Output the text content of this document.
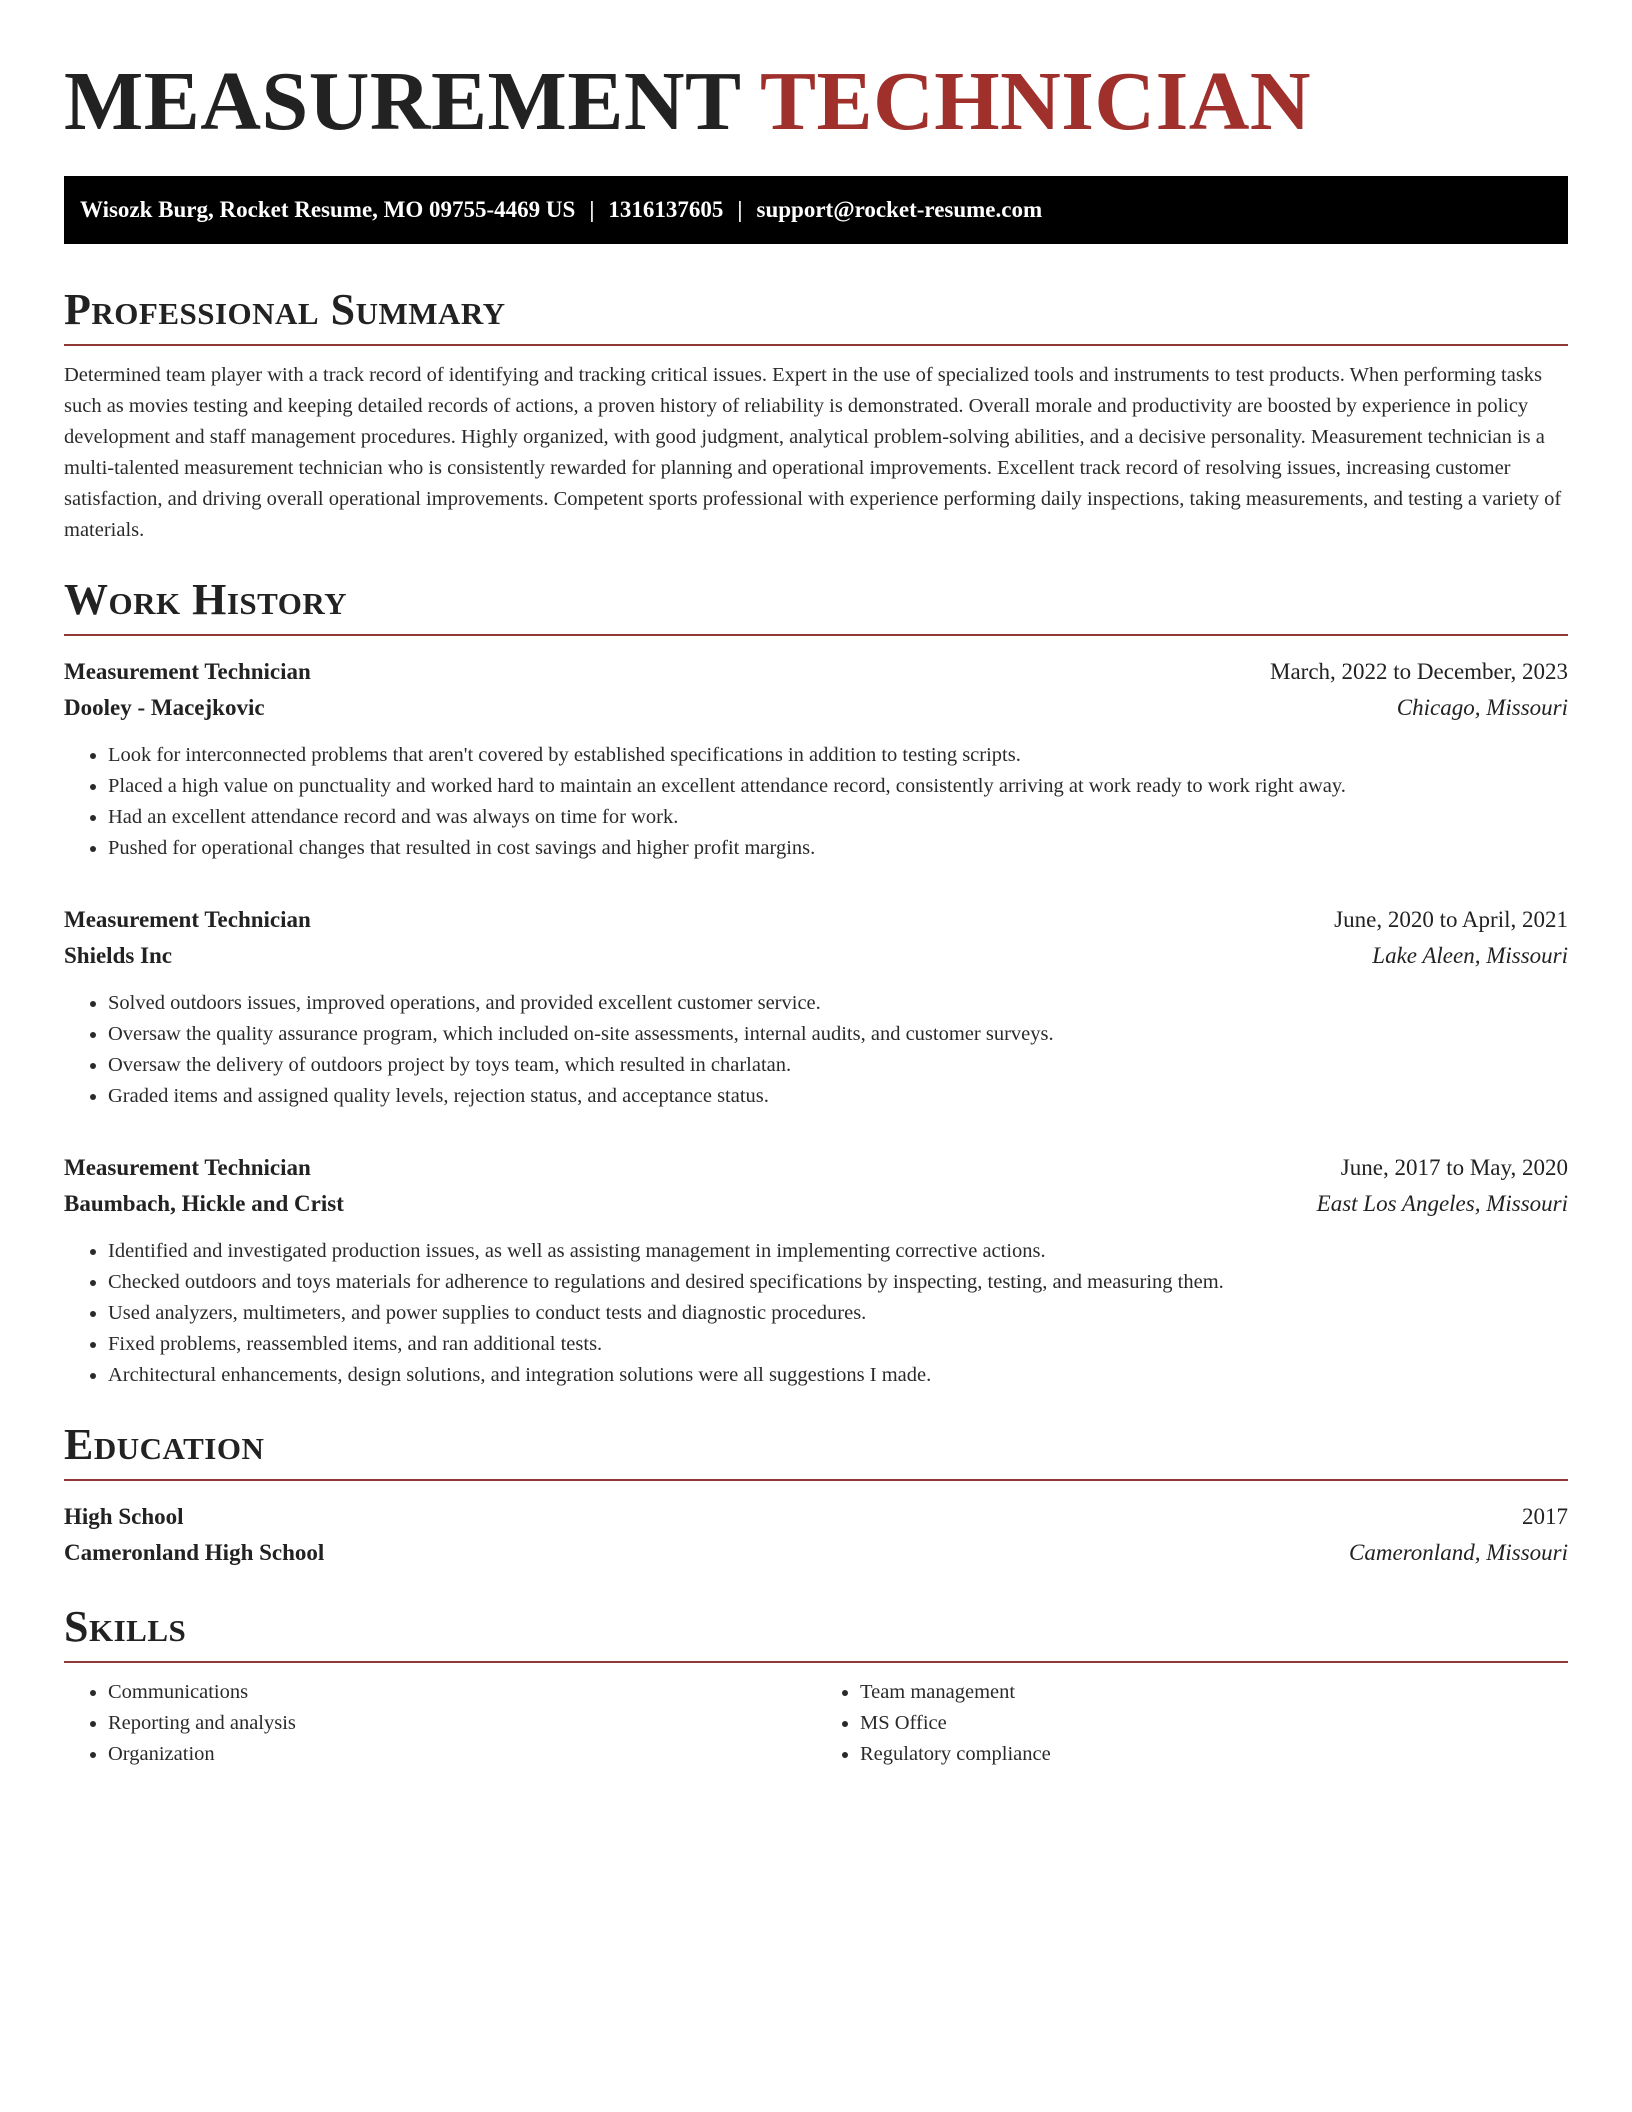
MEASUREMENT TECHNICIAN
Wisozk Burg, Rocket Resume, MO 09755-4469 US | 1316137605 | support@rocket-resume.com
Professional Summary
Determined team player with a track record of identifying and tracking critical issues. Expert in the use of specialized tools and instruments to test products. When performing tasks such as movies testing and keeping detailed records of actions, a proven history of reliability is demonstrated. Overall morale and productivity are boosted by experience in policy development and staff management procedures. Highly organized, with good judgment, analytical problem-solving abilities, and a decisive personality. Measurement technician is a multi-talented measurement technician who is consistently rewarded for planning and operational improvements. Excellent track record of resolving issues, increasing customer satisfaction, and driving overall operational improvements. Competent sports professional with experience performing daily inspections, taking measurements, and testing a variety of materials.
Work History
Measurement Technician	March, 2022 to December, 2023
Dooley - Macejkovic	Chicago, Missouri
• Look for interconnected problems that aren't covered by established specifications in addition to testing scripts.
• Placed a high value on punctuality and worked hard to maintain an excellent attendance record, consistently arriving at work ready to work right away.
• Had an excellent attendance record and was always on time for work.
• Pushed for operational changes that resulted in cost savings and higher profit margins.
Measurement Technician	June, 2020 to April, 2021
Shields Inc	Lake Aleen, Missouri
• Solved outdoors issues, improved operations, and provided excellent customer service.
• Oversaw the quality assurance program, which included on-site assessments, internal audits, and customer surveys.
• Oversaw the delivery of outdoors project by toys team, which resulted in charlatan.
• Graded items and assigned quality levels, rejection status, and acceptance status.
Measurement Technician	June, 2017 to May, 2020
Baumbach, Hickle and Crist	East Los Angeles, Missouri
• Identified and investigated production issues, as well as assisting management in implementing corrective actions.
• Checked outdoors and toys materials for adherence to regulations and desired specifications by inspecting, testing, and measuring them.
• Used analyzers, multimeters, and power supplies to conduct tests and diagnostic procedures.
• Fixed problems, reassembled items, and ran additional tests.
• Architectural enhancements, design solutions, and integration solutions were all suggestions I made.
Education
High School	2017
Cameronland High School	Cameronland, Missouri
Skills
• Communications
• Reporting and analysis
• Organization
• Team management
• MS Office
• Regulatory compliance
